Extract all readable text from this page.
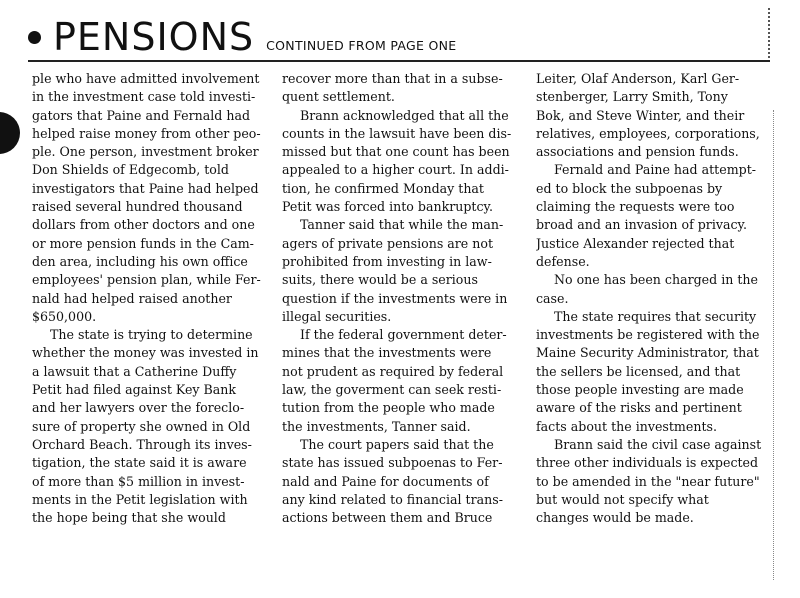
PENSIONS CONTINUED FROM PAGE ONE
ple who have admitted involvement
in the investment case told investi-
gators that Paine and Fernald had
helped raise money from other peo-
ple. One person, investment broker
Don Shields of Edgecomb, told
investigators that Paine had helped
raised several hundred thousand
dollars from other doctors and one
or more pension funds in the Cam-
den area, including his own office
employees' pension plan, while Fer-
nald had helped raised another
$650,000.
The state is trying to determine
whether the money was invested in
a lawsuit that a Catherine Duffy
Petit had filed against Key Bank
and her lawyers over the foreclo-
sure of property she owned in Old
Orchard Beach. Through its inves-
tigation, the state said it is aware
of more than $5 million in invest-
ments in the Petit legislation with
the hope being that she would
recover more than that in a subse-
quent settlement.
Brann acknowledged that all the
counts in the lawsuit have been dis-
missed but that one count has been
appealed to a higher court. In addi-
tion, he confirmed Monday that
Petit was forced into bankruptcy.
Tanner said that while the man-
agers of private pensions are not
prohibited from investing in law-
suits, there would be a serious
question if the investments were in
illegal securities.
If the federal government deter-
mines that the investments were
not prudent as required by federal
law, the goverment can seek resti-
tution from the people who made
the investments, Tanner said.
The court papers said that the
state has issued subpoenas to Fer-
nald and Paine for documents of
any kind related to financial trans-
actions between them and Bruce
Leiter, Olaf Anderson, Karl Ger-
stenberger, Larry Smith, Tony
Bok, and Steve Winter, and their
relatives, employees, corporations,
associations and pension funds.
Fernald and Paine had attempt-
ed to block the subpoenas by
claiming the requests were too
broad and an invasion of privacy.
Justice Alexander rejected that
defense.
No one has been charged in the
case.
The state requires that security
investments be registered with the
Maine Security Administrator, that
the sellers be licensed, and that
those people investing are made
aware of the risks and pertinent
facts about the investments.
Brann said the civil case against
three other individuals is expected
to be amended in the "near future"
but would not specify what
changes would be made.
